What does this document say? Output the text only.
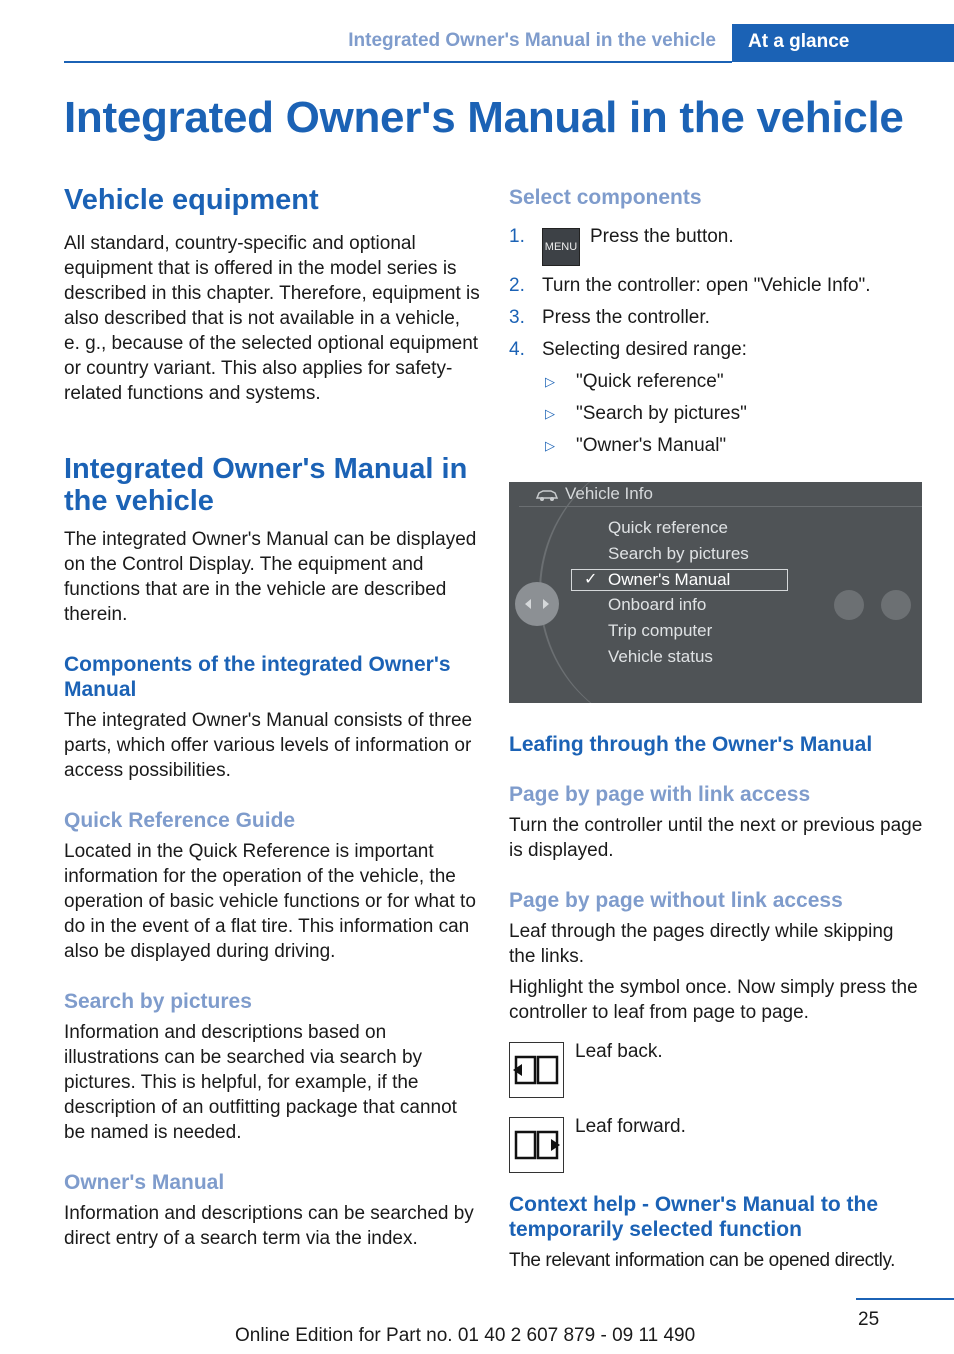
Integrated Owner's Manual in the vehicle	At a glance
Integrated Owner's Manual in the vehicle
Vehicle equipment

All standard, country-specific and optional equipment that is offered in the model series is described in this chapter. Therefore, equipment is also described that is not available in a vehicle, e. g., because of the selected optional equipment or country variant. This also applies for safety-related functions and systems.

Integrated Owner's Manual in the vehicle

The integrated Owner's Manual can be displayed on the Control Display. The equipment and functions that are in the vehicle are described therein.

Components of the integrated Owner's Manual

The integrated Owner's Manual consists of three parts, which offer various levels of information or access possibilities.

Quick Reference Guide

Located in the Quick Reference is important information for the operation of the vehicle, the operation of basic vehicle functions or for what to do in the event of a flat tire. This information can also be displayed during driving.

Search by pictures

Information and descriptions based on illustrations can be searched via search by pictures. This is helpful, for example, if the description of an outfitting package that cannot be named is needed.

Owner's Manual

Information and descriptions can be searched by direct entry of a search term via the index.

Select components
1. MENU Press the button.
2. Turn the controller: open "Vehicle Info".
3. Press the controller.
4. Selecting desired range:
▷ "Quick reference"
▷ "Search by pictures"
▷ "Owner's Manual"
Vehicle Info
Quick reference
Search by pictures
✓ Owner's Manual
Onboard info
Trip computer
Vehicle status
Leafing through the Owner's Manual
Page by page with link access

Turn the controller until the next or previous page is displayed.

Page by page without link access

Leaf through the pages directly while skipping the links.

Highlight the symbol once. Now simply press the controller to leaf from page to page.

Leaf back.
Leaf forward.
Context help - Owner's Manual to the temporarily selected function

The relevant information can be opened directly.

25
Online Edition for Part no. 01 40 2 607 879 - 09 11 490
